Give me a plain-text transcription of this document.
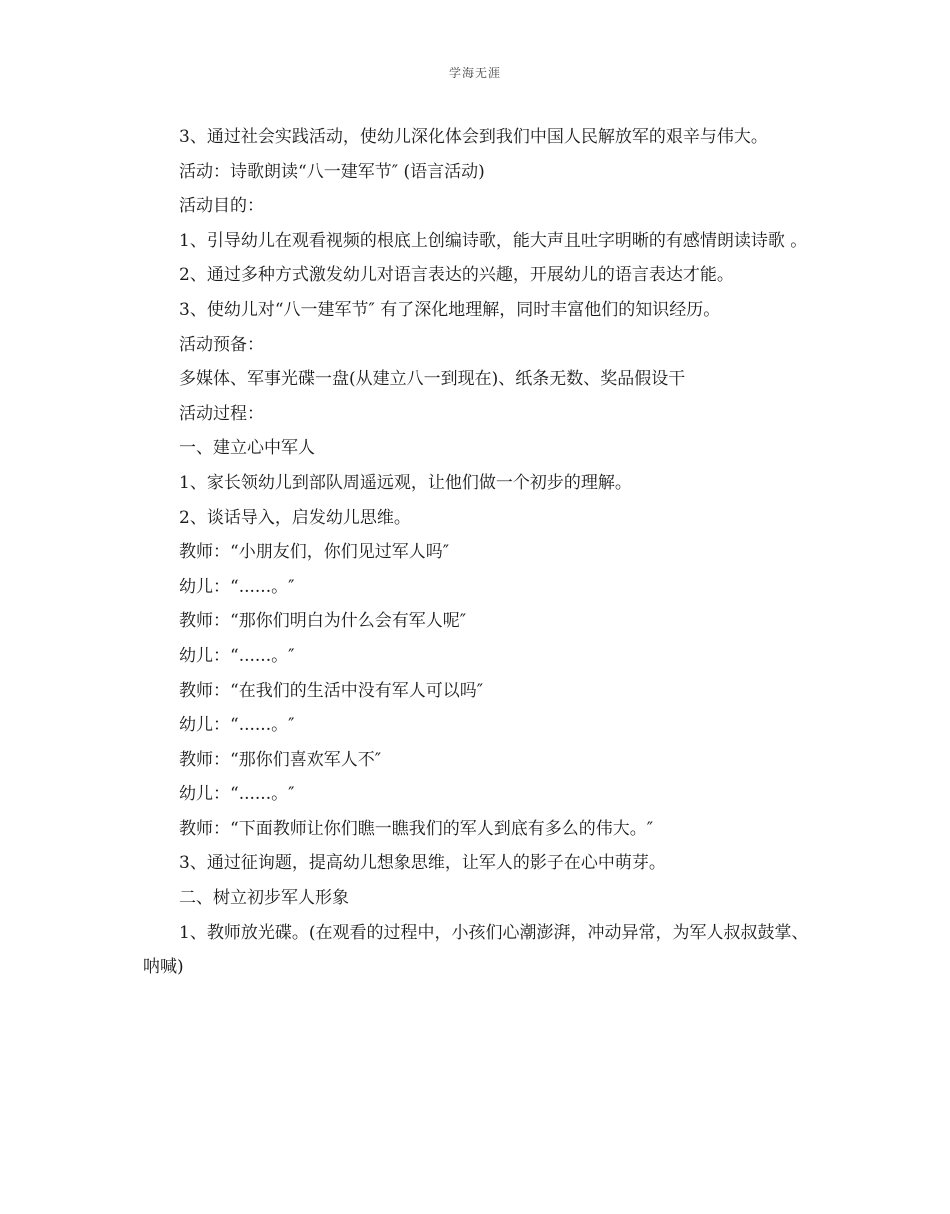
学海无涯

3、通过社会实践活动，使幼儿深化体会到我们中国人民解放军的艰辛与伟大。

活动：诗歌朗读“八一建军节″ (语言活动)

活动目的：

1、引导幼儿在观看视频的根底上创编诗歌，能大声且吐字明晰的有感情朗读诗歌 。

2、通过多种方式激发幼儿对语言表达的兴趣，开展幼儿的语言表达才能。

3、使幼儿对“八一建军节″ 有了深化地理解，同时丰富他们的知识经历。

活动预备：

多媒体、军事光碟一盘(从建立八一到现在)、纸条无数、奖品假设干

活动过程：

一、建立心中军人

1、家长领幼儿到部队周遥远观，让他们做一个初步的理解。

2、谈话导入，启发幼儿思维。

教师：“小朋友们，你们见过军人吗″

幼儿：“......。″

教师：“那你们明白为什么会有军人呢″

幼儿：“......。″

教师：“在我们的生活中没有军人可以吗″

幼儿：“......。″

教师：“那你们喜欢军人不″

幼儿：“......。″

教师：“下面教师让你们瞧一瞧我们的军人到底有多么的伟大。″

3、通过征询题，提高幼儿想象思维，让军人的影子在心中萌芽。

二、树立初步军人形象

1、教师放光碟。(在观看的过程中，小孩们心潮澎湃，冲动异常，为军人叔叔鼓掌、呐喊)
